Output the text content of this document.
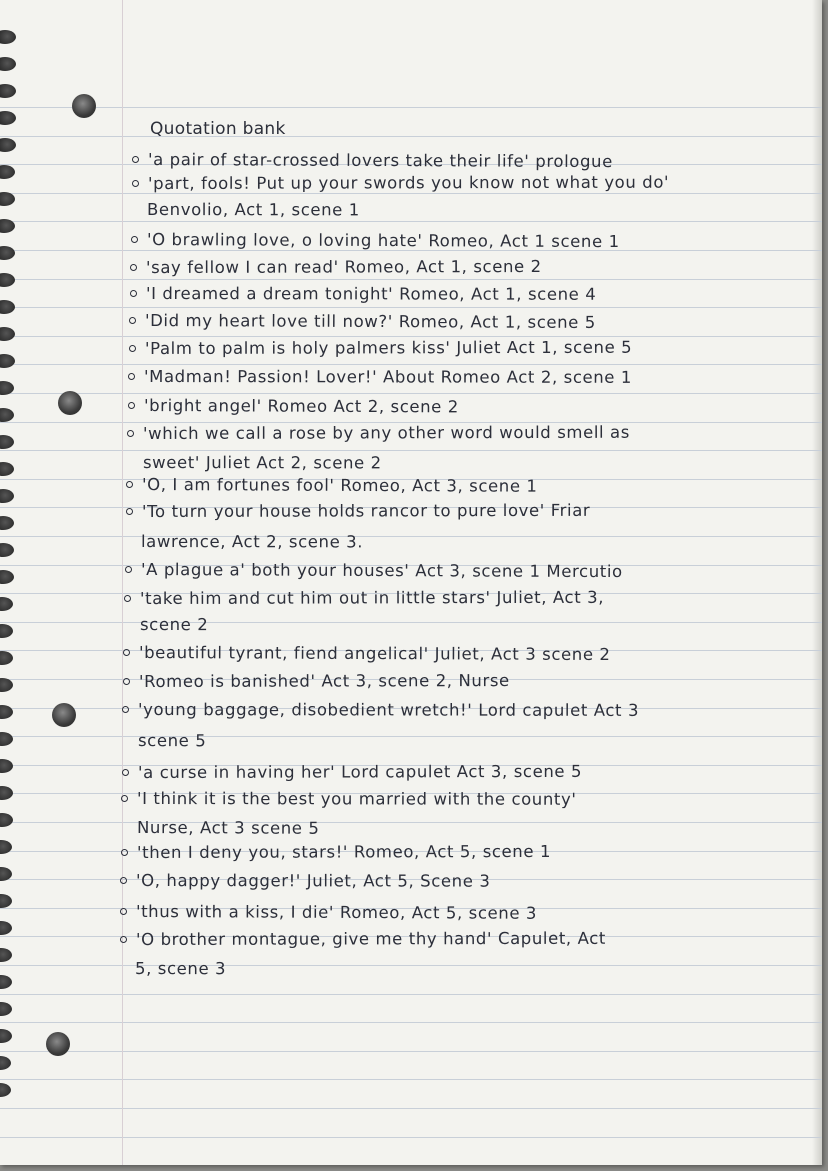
Quotation bank
'a pair of star-crossed lovers take their life' prologue
'part, fools! Put up your swords you know not what you do'
Benvolio, Act 1, scene 1
'O brawling love, o loving hate' Romeo, Act 1 scene 1
'say fellow I can read' Romeo, Act 1, scene 2
'I dreamed a dream tonight' Romeo, Act 1, scene 4
'Did my heart love till now?' Romeo, Act 1, scene 5
'Palm to palm is holy palmers kiss' Juliet Act 1, scene 5
'Madman! Passion! Lover!' About Romeo Act 2, scene 1
'bright angel' Romeo Act 2, scene 2
'which we call a rose by any other word would smell as
sweet' Juliet Act 2, scene 2
'O, I am fortunes fool' Romeo, Act 3, scene 1
'To turn your house holds rancor to pure love' Friar
lawrence, Act 2, scene 3.
'A plague a' both your houses' Act 3, scene 1 Mercutio
'take him and cut him out in little stars' Juliet, Act 3,
scene 2
'beautiful tyrant, fiend angelical' Juliet, Act 3 scene 2
'Romeo is banished' Act 3, scene 2, Nurse
'young baggage, disobedient wretch!' Lord capulet Act 3
scene 5
'a curse in having her' Lord capulet Act 3, scene 5
'I think it is the best you married with the county'
Nurse, Act 3 scene 5
'then I deny you, stars!' Romeo, Act 5, scene 1
'O, happy dagger!' Juliet, Act 5, Scene 3
'thus with a kiss, I die' Romeo, Act 5, scene 3
'O brother montague, give me thy hand' Capulet, Act
5, scene 3
